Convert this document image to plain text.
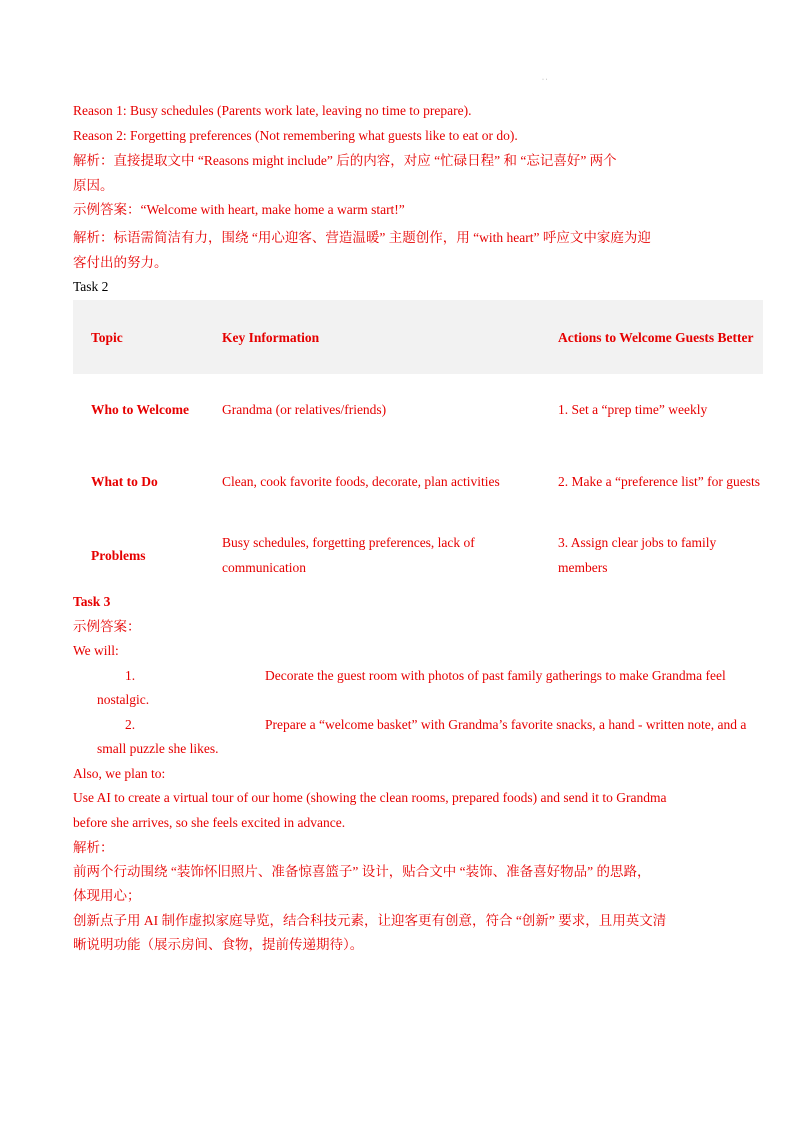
· ·
Reason 1: Busy schedules (Parents work late, leaving no time to prepare).
Reason 2: Forgetting preferences (Not remembering what guests like to eat or do).
解析：直接提取文中 “Reasons might include” 后的内容，对应 “忙碌日程” 和 “忘记喜好” 两个
原因。
示例答案：“Welcome with heart, make home a warm start!”
解析：标语需简洁有力，围绕 “用心迎客、营造温暖” 主题创作，用 “with heart” 呼应文中家庭为迎
客付出的努力。
Task 2
Topic	Key Information	Actions to Welcome Guests Better
Who to Welcome	Grandma (or relatives/friends)	1. Set a “prep time” weekly
What to Do	Clean, cook favorite foods, decorate, plan activities	2. Make a “preference list” for guests
Problems	Busy schedules, forgetting preferences, lack of communication	3. Assign clear jobs to family members
Task 3
示例答案：
We will:
1.	Decorate the guest room with photos of past family gatherings to make Grandma feel
nostalgic.
2.	Prepare a “welcome basket” with Grandma’s favorite snacks, a hand - written note, and a
small puzzle she likes.
Also, we plan to:
Use AI to create a virtual tour of our home (showing the clean rooms, prepared foods) and send it to Grandma
before she arrives, so she feels excited in advance.
解析：
前两个行动围绕 “装饰怀旧照片、准备惊喜篮子” 设计，贴合文中 “装饰、准备喜好物品” 的思路，
体现用心；
创新点子用 AI 制作虚拟家庭导览，结合科技元素，让迎客更有创意，符合 “创新” 要求，且用英文清
晰说明功能（展示房间、食物，提前传递期待）。
